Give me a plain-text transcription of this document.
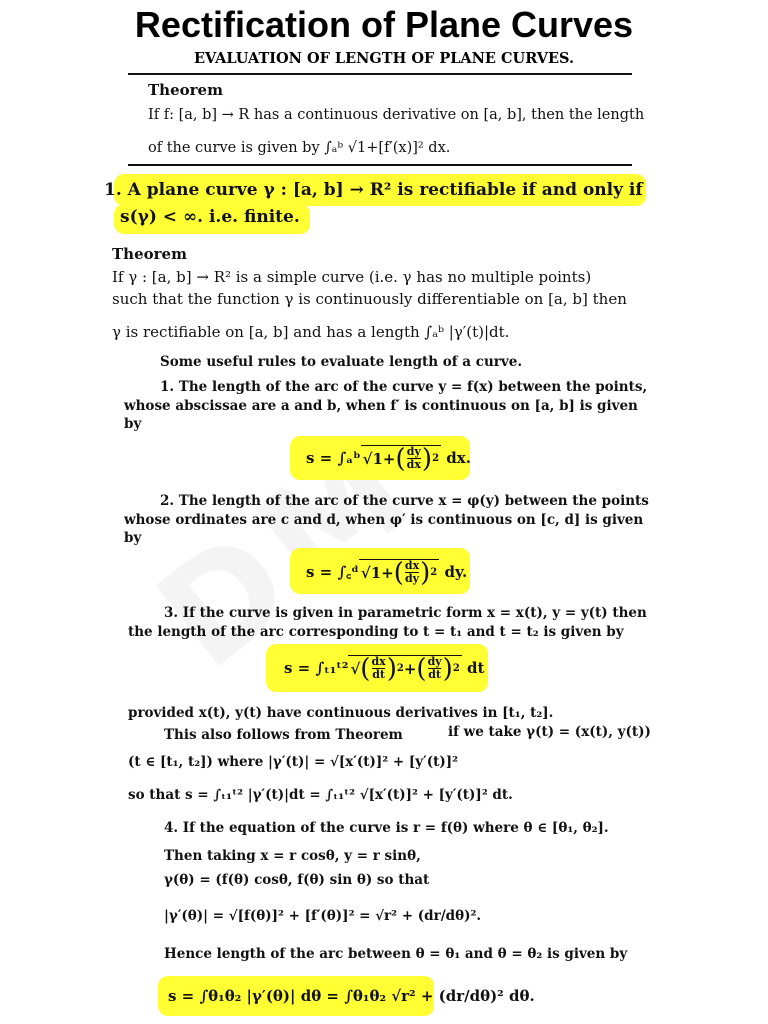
Rectification of Plane Curves
EVALUATION OF LENGTH OF PLANE CURVES.
Theorem
If f: [a, b] → R has a continuous derivative on [a, b], then the length
of the curve is given by ∫ₐᵇ √1+[f′(x)]² dx.
1. A plane curve γ : [a, b] → R² is rectifiable if and only if
s(γ) < ∞. i.e. finite.
Theorem
If γ : [a, b] → R² is a simple curve (i.e. γ has no multiple points)
such that the function γ is continuously differentiable on [a, b] then
γ is rectifiable on [a, b] and has a length ∫ₐᵇ |γ′(t)|dt.
Some useful rules to evaluate length of a curve.
1. The length of the arc of the curve y = f(x) between the points,
whose abscissae are a and b, when f′ is continuous on [a, b] is given
by
s =
∫ₐᵇ √ 1+ ( $\frac{dy}{dx}$ ) 2
dx.
2. The length of the arc of the curve x = φ(y) between the points
whose ordinates are c and d, when φ′ is continuous on [c, d] is given
by
s =
∫꜀ᵈ √ 1+ ( $\frac{dx}{dy}$ ) 2
dy.
3. If the curve is given in parametric form x = x(t), y = y(t) then
the length of the arc corresponding to t = t₁ and t = t₂ is given by
s =
∫ₜ₁ᵗ² √ ( $\frac{dx}{dt}$ ) 2 + ( $\frac{dy}{dt}$ ) 2
dt
provided x(t), y(t) have continuous derivatives in [t₁, t₂].
This also follows from Theorem	if we take γ(t) = (x(t), y(t))
(t ∈ [t₁, t₂]) where |γ′(t)| = √[x′(t)]² + [y′(t)]²
so that s = ∫ₜ₁ᵗ² |γ′(t)|dt = ∫ₜ₁ᵗ² √[x′(t)]² + [y′(t)]² dt.
4. If the equation of the curve is r = f(θ) where θ ∈ [θ₁, θ₂].
Then taking x = r cosθ, y = r sinθ,
γ(θ) = (f(θ) cosθ, f(θ) sin θ) so that
|γ′(θ)| = √[f(θ)]² + [f′(θ)]² = √r² + (dr/dθ)².
Hence length of the arc between θ = θ₁ and θ = θ₂ is given by
s = ∫θ₁θ₂ |γ′(θ)| dθ = ∫θ₁θ₂ √r² + (dr/dθ)² dθ.
